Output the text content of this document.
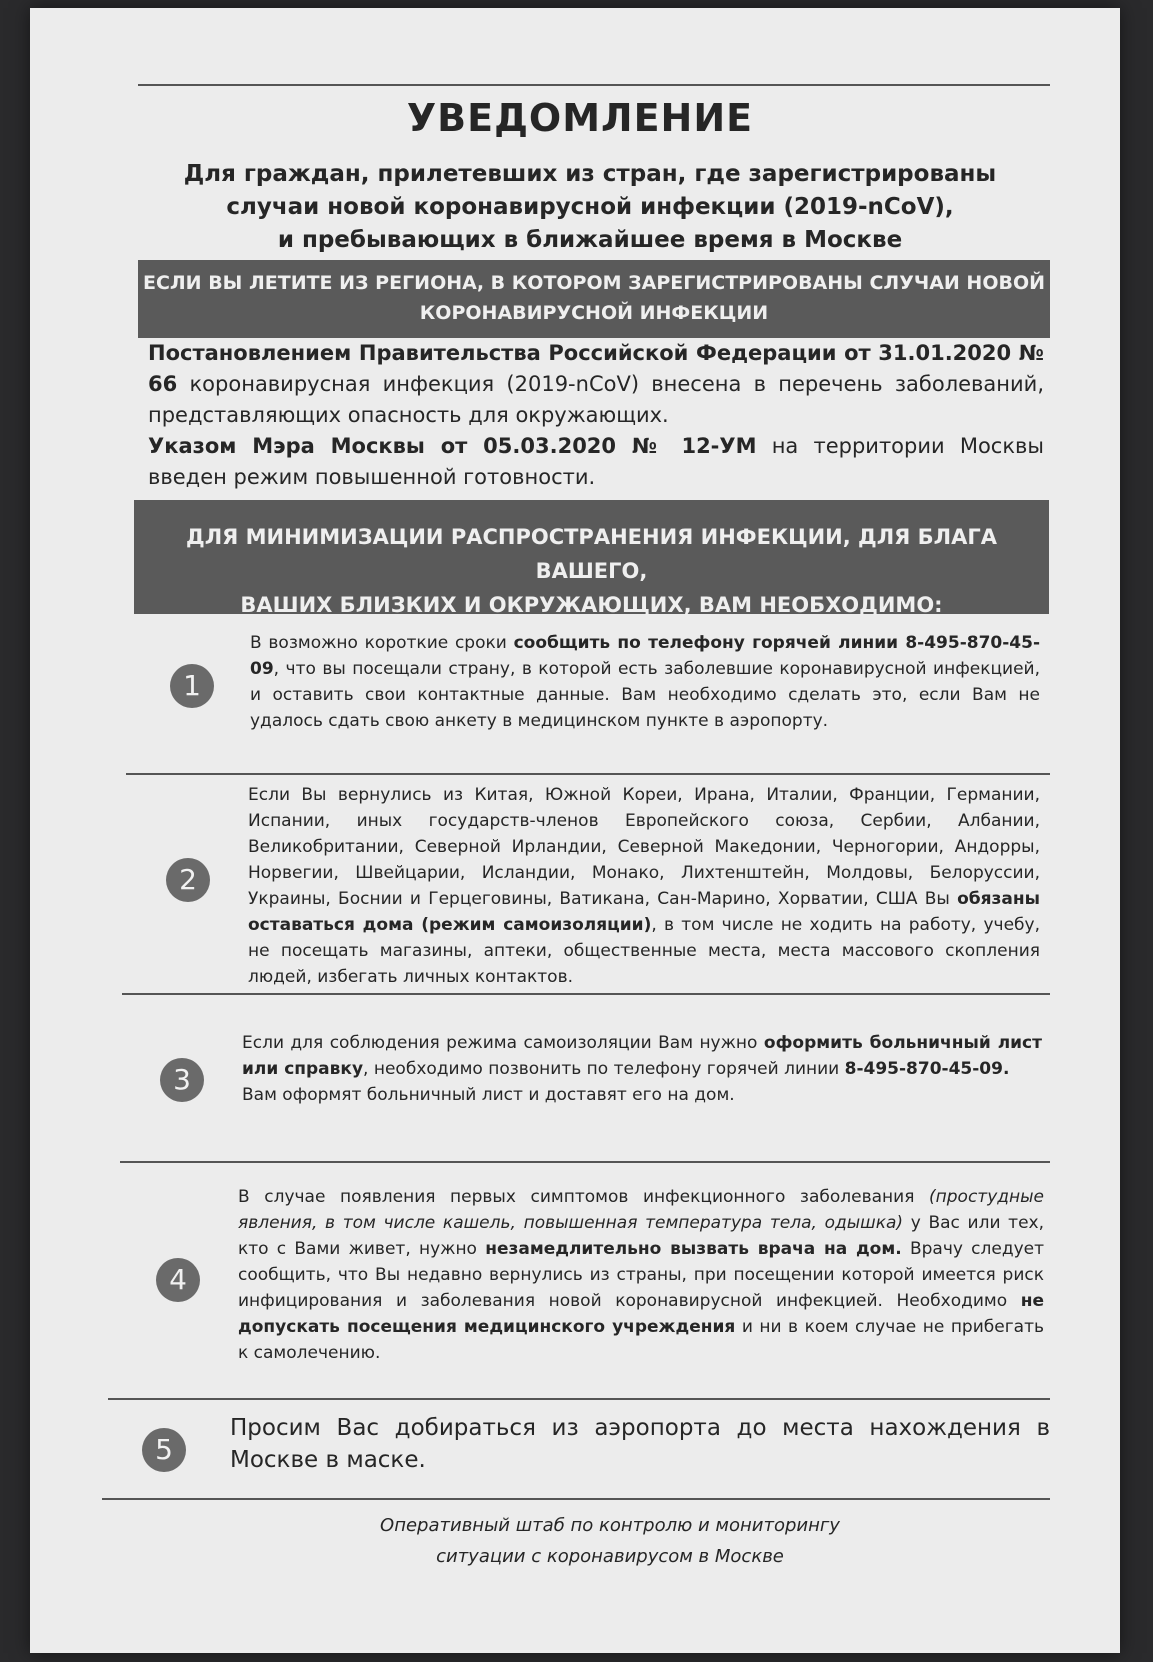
УВЕДОМЛЕНИЕ
Для граждан, прилетевших из стран, где зарегистрированы
случаи новой коронавирусной инфекции (2019-nCoV),
и пребывающих в ближайшее время в Москве
ЕСЛИ ВЫ ЛЕТИТЕ ИЗ РЕГИОНА, В КОТОРОМ ЗАРЕГИСТРИРОВАНЫ СЛУЧАИ НОВОЙ
КОРОНАВИРУСНОЙ ИНФЕКЦИИ

Постановлением Правительства Российской Федерации от 31.01.2020 № 66 коронавирусная инфекция (2019-nCoV) внесена в перечень заболеваний, представляющих опасность для окружающих.

Указом Мэра Москвы от 05.03.2020 № 12-УМ на территории Москвы введен режим повышенной готовности.

ДЛЯ МИНИМИЗАЦИИ РАСПРОСТРАНЕНИЯ ИНФЕКЦИИ, ДЛЯ БЛАГА ВАШЕГО,
ВАШИХ БЛИЗКИХ И ОКРУЖАЮЩИХ, ВАМ НЕОБХОДИМО:
1
В возможно короткие сроки сообщить по телефону горячей линии 8-495-870-45-09, что вы посещали страну, в которой есть заболевшие коронавирусной инфекцией, и оставить свои контактные данные. Вам необходимо сделать это, если Вам не удалось сдать свою анкету в медицинском пункте в аэропорту.
2
Если Вы вернулись из Китая, Южной Кореи, Ирана, Италии, Франции, Германии, Испании, иных государств-членов Европейского союза, Сербии, Албании, Великобритании, Северной Ирландии, Северной Македонии, Черногории, Андорры, Норвегии, Швейцарии, Исландии, Монако, Лихтенштейн, Молдовы, Белоруссии, Украины, Боснии и Герцеговины, Ватикана, Сан-Марино, Хорватии, США Вы обязаны оставаться дома (режим самоизоляции), в том числе не ходить на работу, учебу, не посещать магазины, аптеки, общественные места, места массового скопления людей, избегать личных контактов.
3
Если для соблюдения режима самоизоляции Вам нужно оформить больничный лист или справку, необходимо позвонить по телефону горячей линии 8-495-870-45-09.
Вам оформят больничный лист и доставят его на дом.
4
В случае появления первых симптомов инфекционного заболевания (простудные явления, в том числе кашель, повышенная температура тела, одышка) у Вас или тех, кто с Вами живет, нужно незамедлительно вызвать врача на дом. Врачу следует сообщить, что Вы недавно вернулись из страны, при посещении которой имеется риск инфицирования и заболевания новой коронавирусной инфекцией. Необходимо не допускать посещения медицинского учреждения и ни в коем случае не прибегать к самолечению.
5
Просим Вас добираться из аэропорта до места нахождения в Москве в маске.
Оперативный штаб по контролю и мониторингу
ситуации с коронавирусом в Москве
